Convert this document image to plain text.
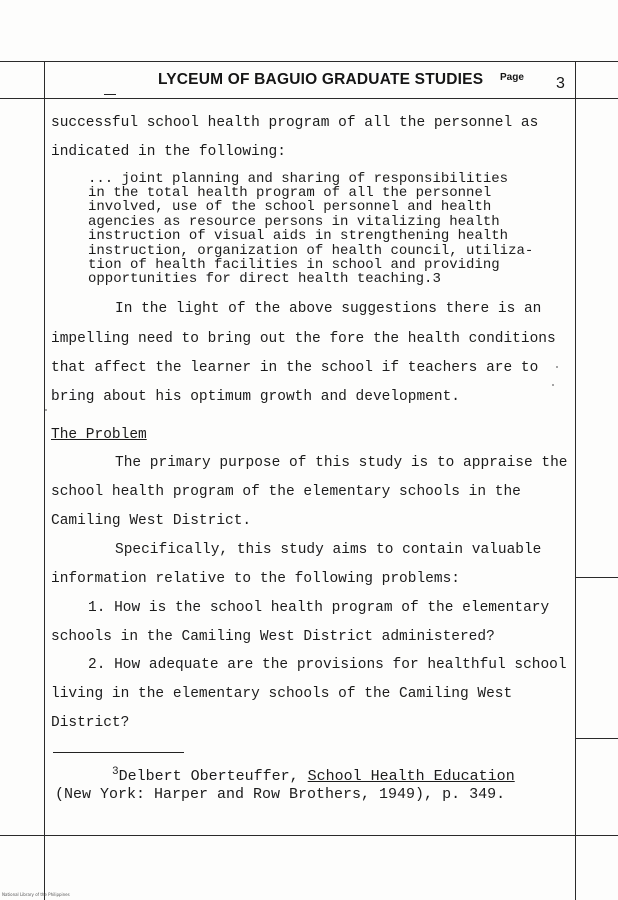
LYCEUM OF BAGUIO GRADUATE STUDIES Page 3
successful school health program of all the personnel as
indicated in the following:
... joint planning and sharing of responsibilities
in the total health program of all the personnel
involved, use of the school personnel and health
agencies as resource persons in vitalizing health
instruction of visual aids in strengthening health
instruction, organization of health council, utiliza-
tion of health facilities in school and providing
opportunities for direct health teaching.3
In the light of the above suggestions there is an
impelling need to bring out the fore the health conditions
that affect the learner in the school if teachers are to
bring about his optimum growth and development.
The Problem
The primary purpose of this study is to appraise the
school health program of the elementary schools in the
Camiling West District.
Specifically, this study aims to contain valuable
information relative to the following problems:
1. How is the school health program of the elementary
schools in the Camiling West District administered?
2. How adequate are the provisions for healthful school
living in the elementary schools of the Camiling West
District?
$^3$Delbert Oberteuffer, School Health Education
(New York: Harper and Row Brothers, 1949), p. 349.
National Library of the Philippines
